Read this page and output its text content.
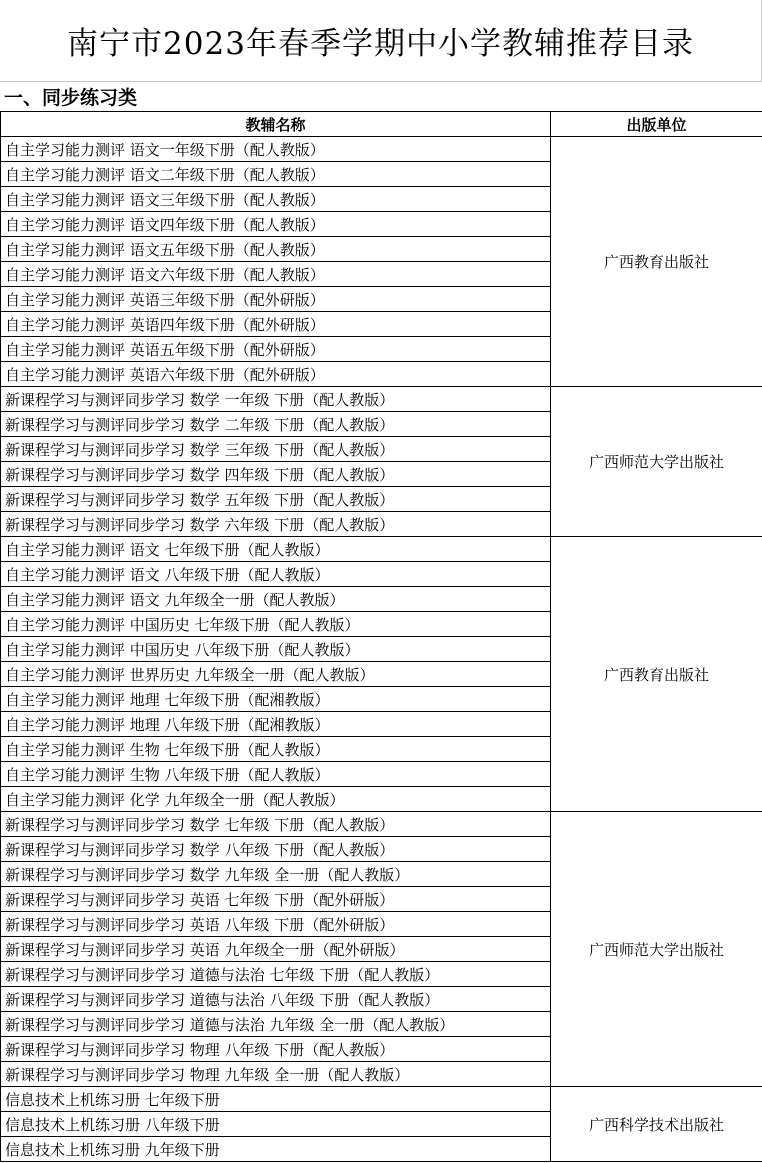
南宁市2023年春季学期中小学教辅推荐目录
一、同步练习类
教辅名称	出版单位
自主学习能力测评 语文一年级下册（配人教版）	广西教育出版社
自主学习能力测评 语文二年级下册（配人教版）	
自主学习能力测评 语文三年级下册（配人教版）	
自主学习能力测评 语文四年级下册（配人教版）	
自主学习能力测评 语文五年级下册（配人教版）	
自主学习能力测评 语文六年级下册（配人教版）	
自主学习能力测评 英语三年级下册（配外研版）	
自主学习能力测评 英语四年级下册（配外研版）	
自主学习能力测评 英语五年级下册（配外研版）	
自主学习能力测评 英语六年级下册（配外研版）	
新课程学习与测评同步学习 数学 一年级 下册（配人教版）	广西师范大学出版社
新课程学习与测评同步学习 数学 二年级 下册（配人教版）	
新课程学习与测评同步学习 数学 三年级 下册（配人教版）	
新课程学习与测评同步学习 数学 四年级 下册（配人教版）	
新课程学习与测评同步学习 数学 五年级 下册（配人教版）	
新课程学习与测评同步学习 数学 六年级 下册（配人教版）	
自主学习能力测评 语文 七年级下册（配人教版）	广西教育出版社
自主学习能力测评 语文 八年级下册（配人教版）	
自主学习能力测评 语文 九年级全一册（配人教版）	
自主学习能力测评 中国历史 七年级下册（配人教版）	
自主学习能力测评 中国历史 八年级下册（配人教版）	
自主学习能力测评 世界历史 九年级全一册（配人教版）	
自主学习能力测评 地理 七年级下册（配湘教版）	
自主学习能力测评 地理 八年级下册（配湘教版）	
自主学习能力测评 生物 七年级下册（配人教版）	
自主学习能力测评 生物 八年级下册（配人教版）	
自主学习能力测评 化学 九年级全一册（配人教版）	
新课程学习与测评同步学习 数学 七年级 下册（配人教版）	广西师范大学出版社
新课程学习与测评同步学习 数学 八年级 下册（配人教版）	
新课程学习与测评同步学习 数学 九年级 全一册（配人教版）	
新课程学习与测评同步学习 英语 七年级 下册（配外研版）	
新课程学习与测评同步学习 英语 八年级 下册（配外研版）	
新课程学习与测评同步学习 英语 九年级全一册（配外研版）	
新课程学习与测评同步学习 道德与法治 七年级 下册（配人教版）	
新课程学习与测评同步学习 道德与法治 八年级 下册（配人教版）	
新课程学习与测评同步学习 道德与法治 九年级 全一册（配人教版）	
新课程学习与测评同步学习 物理 八年级 下册（配人教版）	
新课程学习与测评同步学习 物理 九年级 全一册（配人教版）	
信息技术上机练习册 七年级下册	广西科学技术出版社
信息技术上机练习册 八年级下册	
信息技术上机练习册 九年级下册	
